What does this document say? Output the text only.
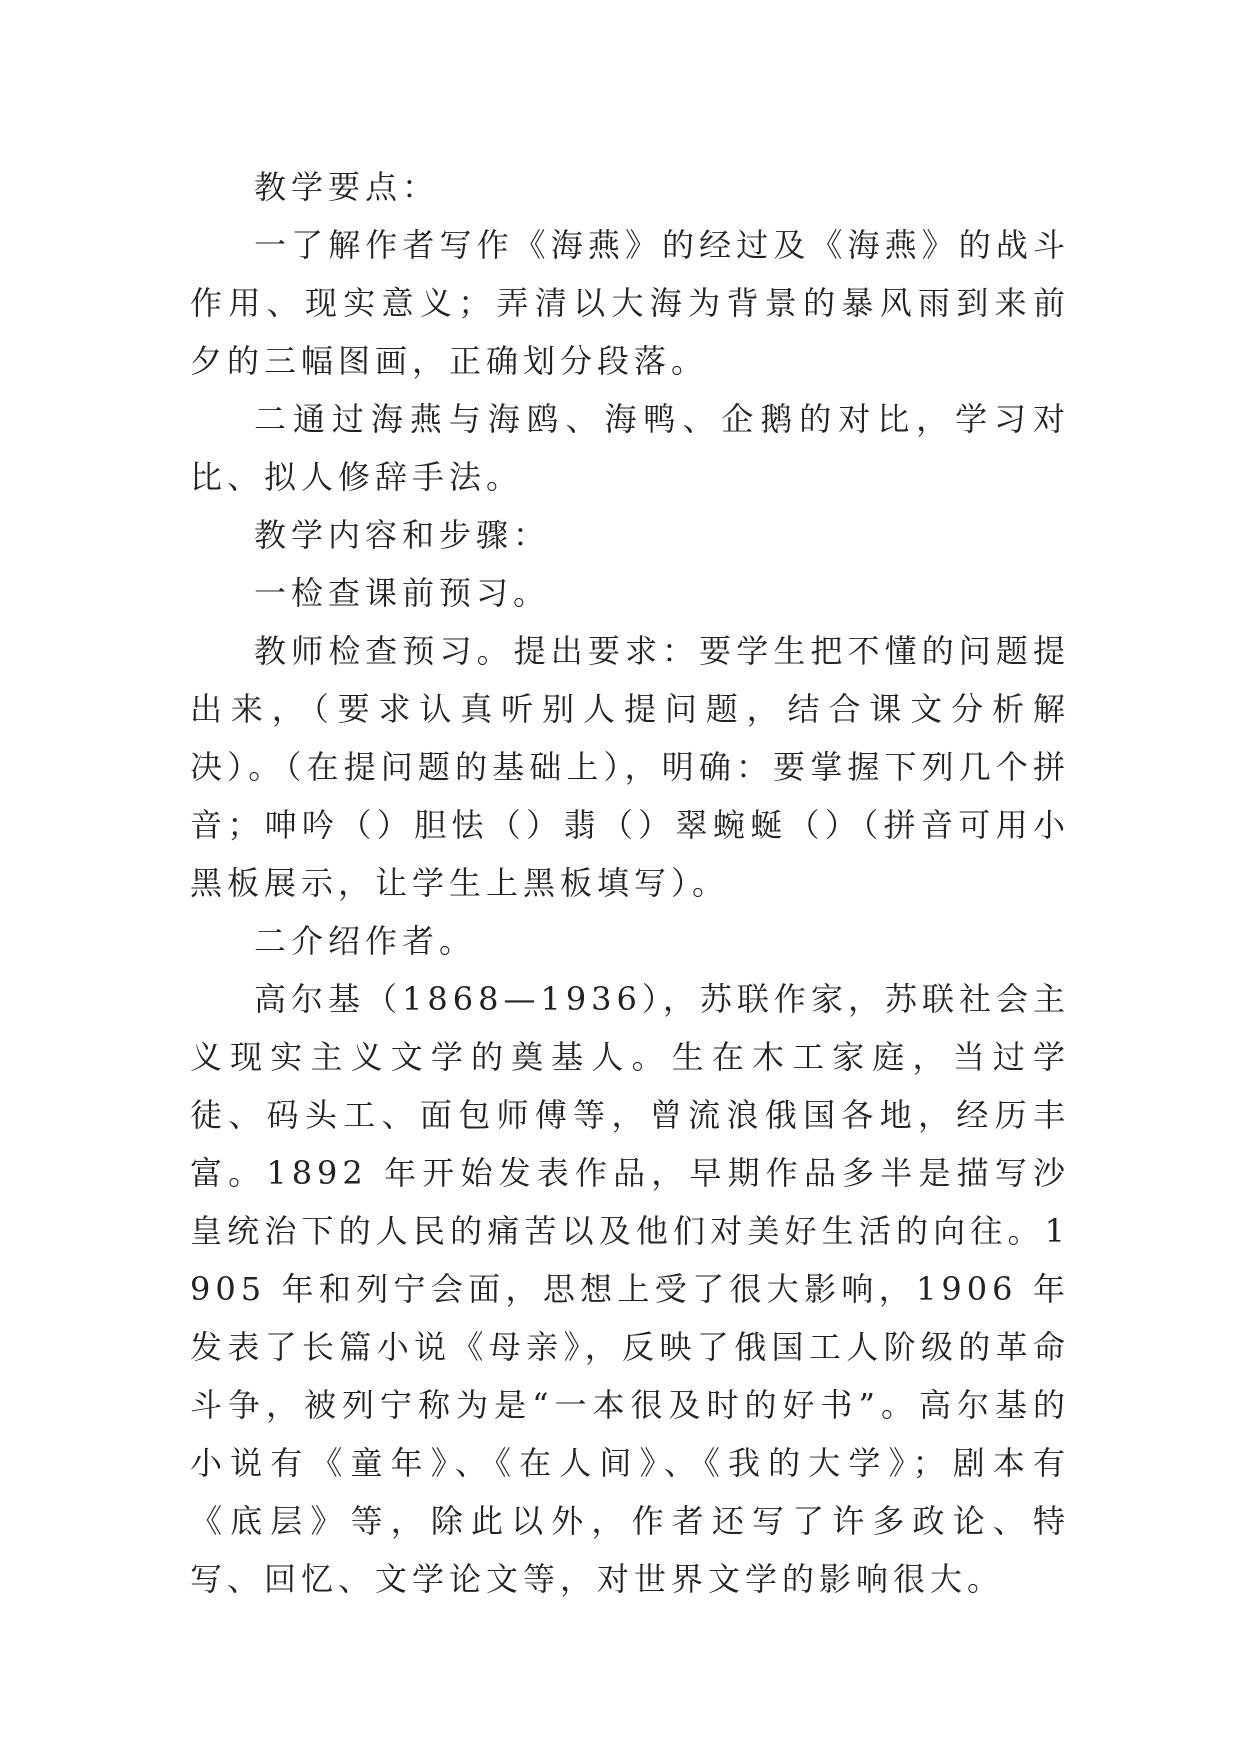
教学要点：

一了解作者写作《海燕》的经过及《海燕》的战斗作用、现实意义；弄清以大海为背景的暴风雨到来前夕的三幅图画，正确划分段落。

二通过海燕与海鸥、海鸭、企鹅的对比，学习对比、拟人修辞手法。

教学内容和步骤：

一检查课前预习。

教师检查预习。提出要求：要学生把不懂的问题提出来，（要求认真听别人提问题，结合课文分析解决）。（在提问题的基础上），明确：要掌握下列几个拼音；呻吟（）胆怯（）翡（）翠蜿蜒（）（拼音可用小黑板展示，让学生上黑板填写）。

二介绍作者。

高尔基（1868—1936），苏联作家，苏联社会主义现实主义文学的奠基人。生在木工家庭，当过学徒、码头工、面包师傅等，曾流浪俄国各地，经历丰富。1892 年开始发表作品，早期作品多半是描写沙皇统治下的人民的痛苦以及他们对美好生活的向往。1905 年和列宁会面，思想上受了很大影响，1906 年发表了长篇小说《母亲》，反映了俄国工人阶级的革命斗争，被列宁称为是“一本很及时的好书”。高尔基的小说有《童年》、《在人间》、《我的大学》；剧本有《底层》等，除此以外，作者还写了许多政论、特写、回忆、文学论文等，对世界文学的影响很大。
